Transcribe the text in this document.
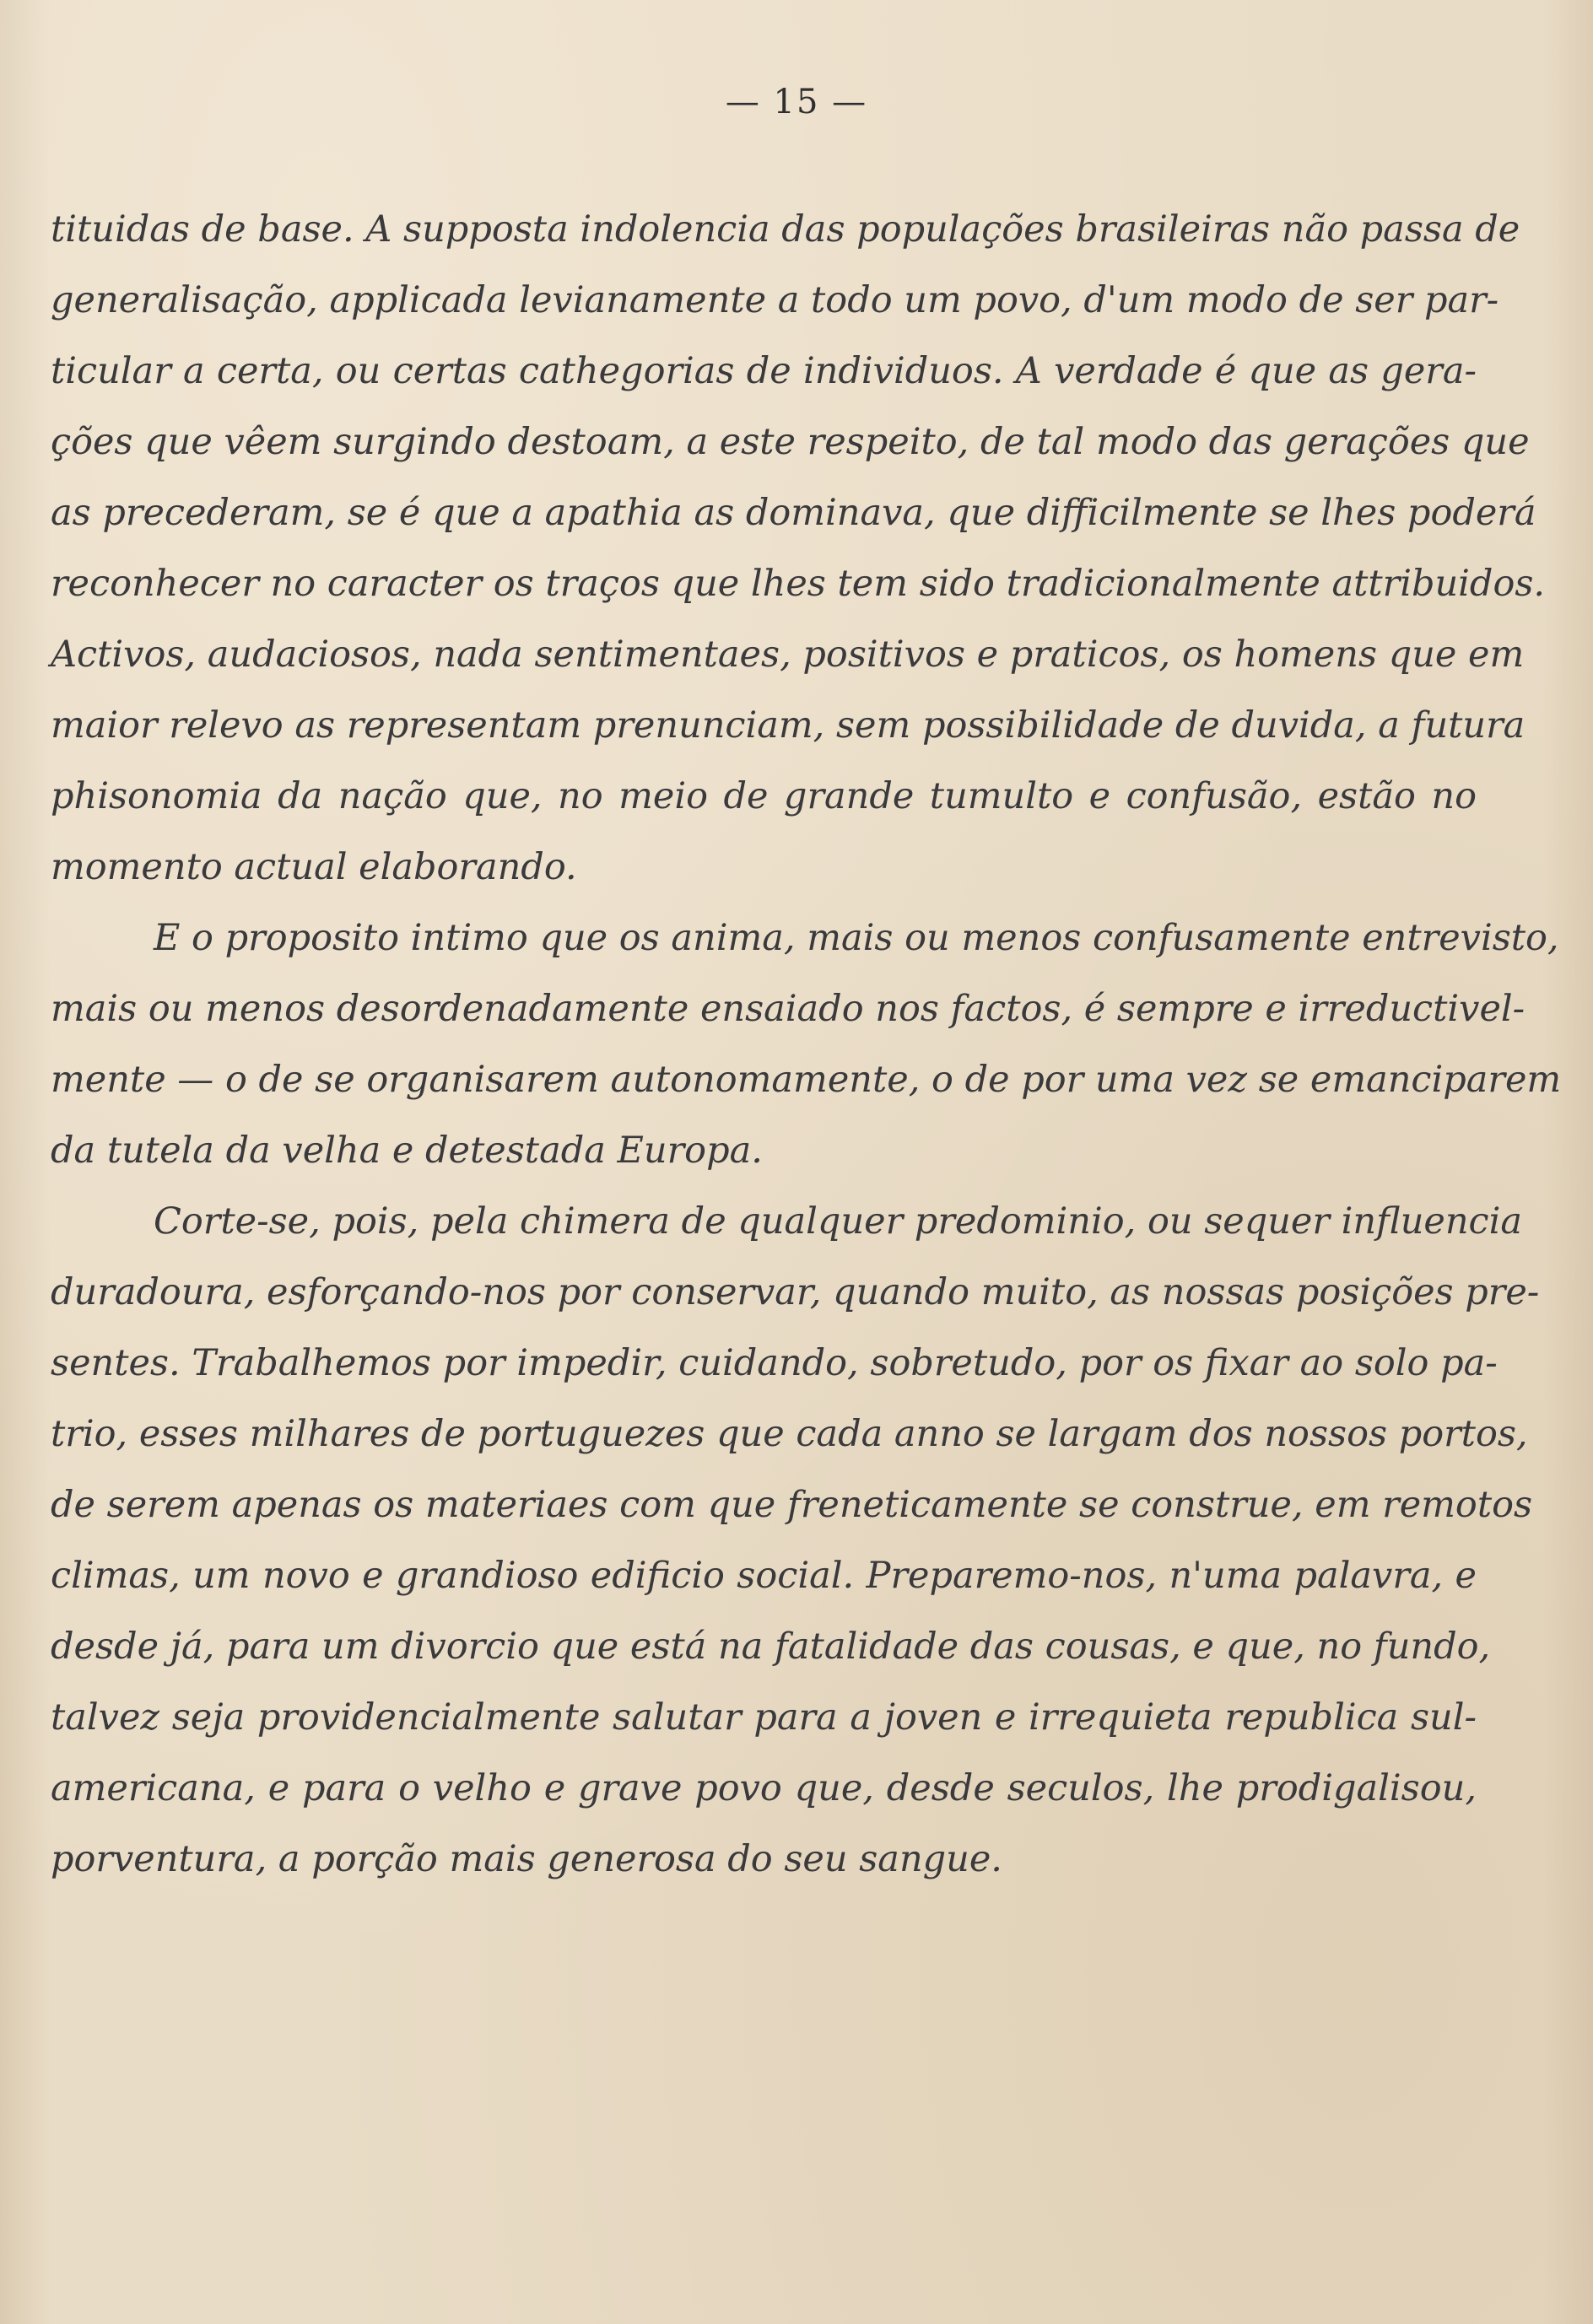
— 15 —
tituidas de base. A supposta indolencia das populações brasileiras não passa de
generalisação, applicada levianamente a todo um povo, d'um modo de ser par-
ticular a certa, ou certas cathegorias de individuos. A verdade é que as gera-
ções que vêem surgindo destoam, a este respeito, de tal modo das gerações que
as precederam, se é que a apathia as dominava, que difficilmente se lhes poderá
reconhecer no caracter os traços que lhes tem sido tradicionalmente attribuidos.
Activos, audaciosos, nada sentimentaes, positivos e praticos, os homens que em
maior relevo as representam prenunciam, sem possibilidade de duvida, a futura
phisonomia da nação que, no meio de grande tumulto e confusão, estão no
momento actual elaborando.
E o proposito intimo que os anima, mais ou menos confusamente entrevisto,
mais ou menos desordenadamente ensaiado nos factos, é sempre e irreductivel-
mente — o de se organisarem autonomamente, o de por uma vez se emanciparem
da tutela da velha e detestada Europa.
Corte-se, pois, pela chimera de qualquer predominio, ou sequer influencia
duradoura, esforçando-nos por conservar, quando muito, as nossas posições pre-
sentes. Trabalhemos por impedir, cuidando, sobretudo, por os fixar ao solo pa-
trio, esses milhares de portuguezes que cada anno se largam dos nossos portos,
de serem apenas os materiaes com que freneticamente se construe, em remotos
climas, um novo e grandioso edificio social. Preparemo-nos, n'uma palavra, e
desde já, para um divorcio que está na fatalidade das cousas, e que, no fundo,
talvez seja providencialmente salutar para a joven e irrequieta republica sul-
americana, e para o velho e grave povo que, desde seculos, lhe prodigalisou,
porventura, a porção mais generosa do seu sangue.
